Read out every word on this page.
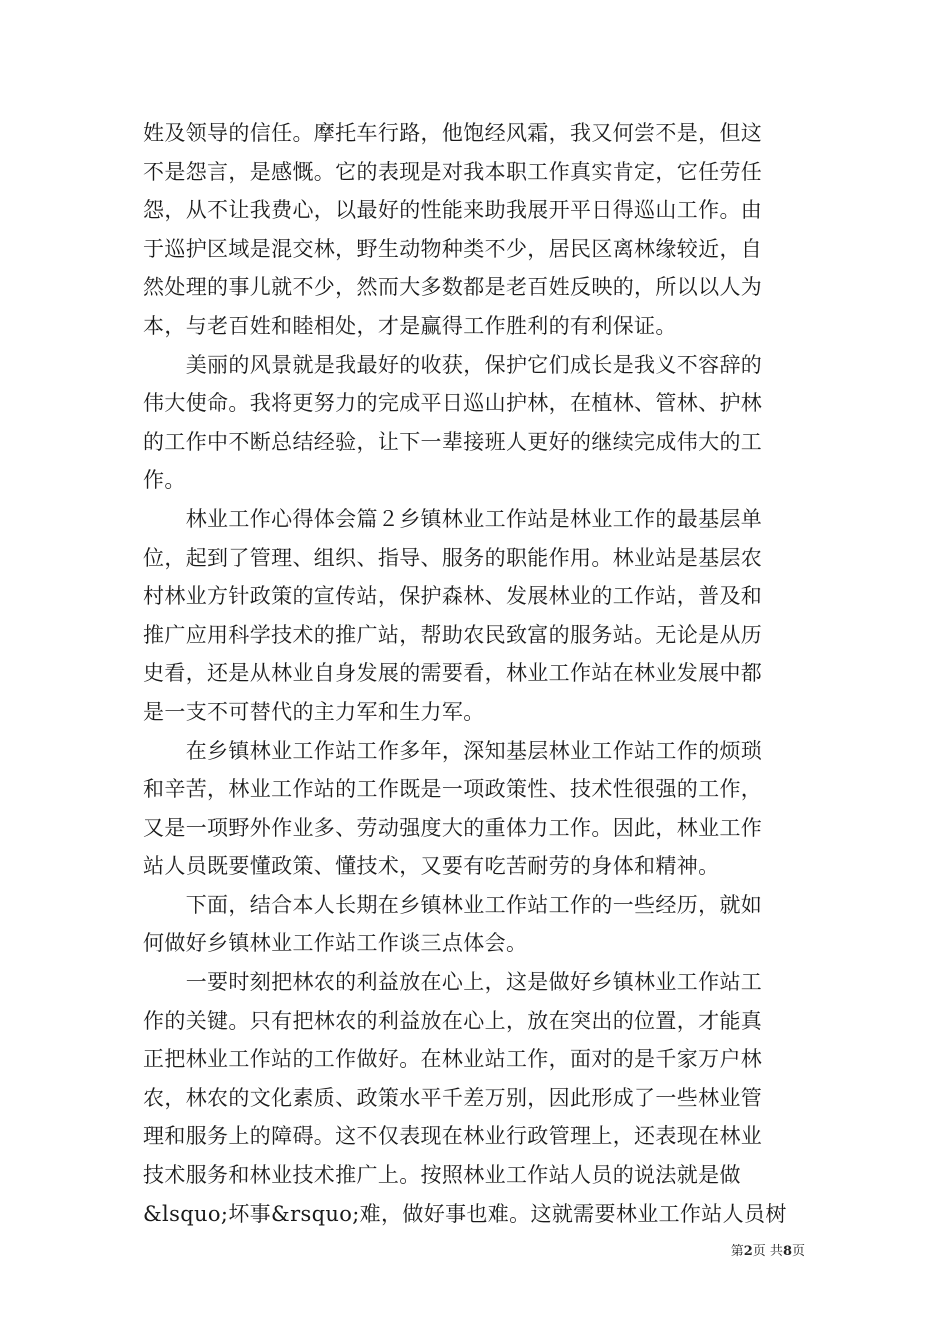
姓及领导的信任。摩托车行路，他饱经风霜，我又何尝不是，但这
不是怨言，是感慨。它的表现是对我本职工作真实肯定，它任劳任
怨，从不让我费心，以最好的性能来助我展开平日得巡山工作。由
于巡护区域是混交林，野生动物种类不少，居民区离林缘较近，自
然处理的事儿就不少，然而大多数都是老百姓反映的，所以以人为
本，与老百姓和睦相处，才是赢得工作胜利的有利保证。
　　美丽的风景就是我最好的收获，保护它们成长是我义不容辞的
伟大使命。我将更努力的完成平日巡山护林，在植林、管林、护林
的工作中不断总结经验，让下一辈接班人更好的继续完成伟大的工
作。
　　林业工作心得体会篇２乡镇林业工作站是林业工作的最基层单
位，起到了管理、组织、指导、服务的职能作用。林业站是基层农
村林业方针政策的宣传站，保护森林、发展林业的工作站，普及和
推广应用科学技术的推广站，帮助农民致富的服务站。无论是从历
史看，还是从林业自身发展的需要看，林业工作站在林业发展中都
是一支不可替代的主力军和生力军。
　　在乡镇林业工作站工作多年，深知基层林业工作站工作的烦琐
和辛苦，林业工作站的工作既是一项政策性、技术性很强的工作，
又是一项野外作业多、劳动强度大的重体力工作。因此，林业工作
站人员既要懂政策、懂技术，又要有吃苦耐劳的身体和精神。
　　下面，结合本人长期在乡镇林业工作站工作的一些经历，就如
何做好乡镇林业工作站工作谈三点体会。
　　一要时刻把林农的利益放在心上，这是做好乡镇林业工作站工
作的关键。只有把林农的利益放在心上，放在突出的位置，才能真
正把林业工作站的工作做好。在林业站工作，面对的是千家万户林
农，林农的文化素质、政策水平千差万别，因此形成了一些林业管
理和服务上的障碍。这不仅表现在林业行政管理上，还表现在林业
技术服务和林业技术推广上。按照林业工作站人员的说法就是做
&lsquo;坏事&rsquo;难，做好事也难。这就需要林业工作站人员树
第2页 共8页
